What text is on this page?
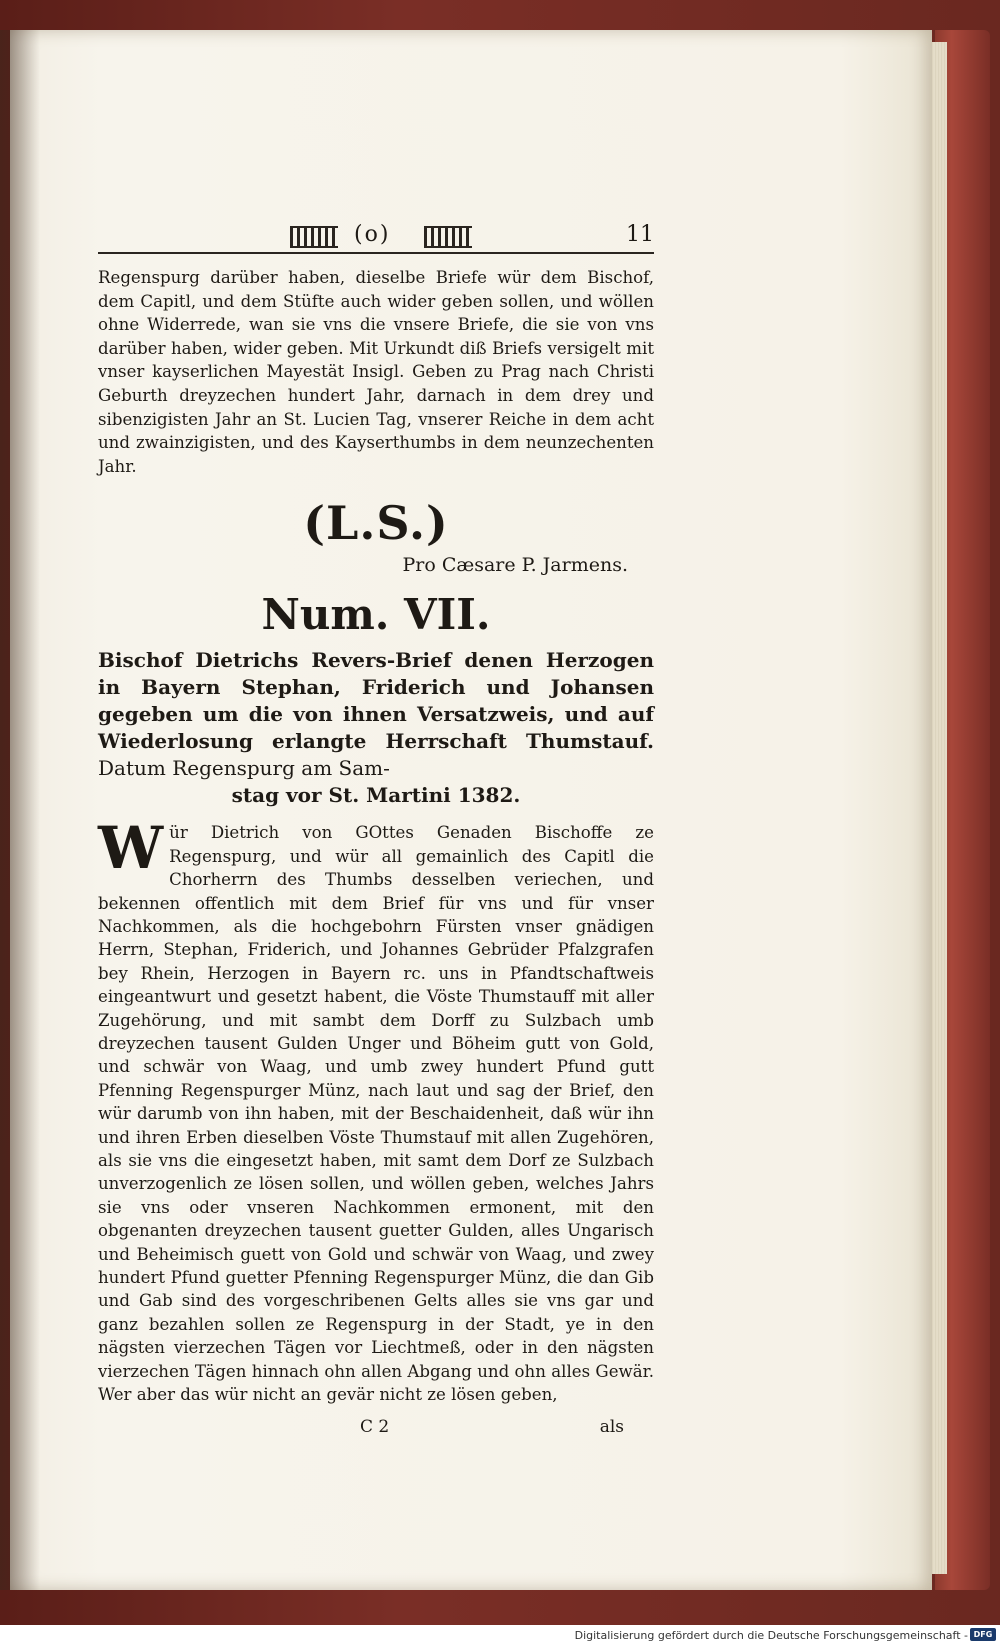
(o)	11

Regenspurg darüber haben, dieselbe Briefe wür dem Bischof, dem Capitl, und dem Stüfte auch wider geben sollen, und wöllen ohne Widerrede, wan sie vns die vnsere Briefe, die sie von vns darüber haben, wider geben. Mit Urkundt diß Briefs versigelt mit vnser kayserlichen Mayestät Insigl. Geben zu Prag nach Christi Geburth dreyzechen hundert Jahr, darnach in dem drey und sibenzigisten Jahr an St. Lucien Tag, vnserer Reiche in dem acht und zwainzigisten, und des Kayserthumbs in dem neunzechenten Jahr.

(L.S.)
Pro Cæsare P. Jarmens.
Num. VII.

Bischof Dietrichs Revers-Brief denen Herzogen in Bayern Stephan, Friderich und Johansen gegeben um die von ihnen Versatzweis, und auf Wiederlosung erlangte Herrschaft Thumstauf. Datum Regenspurg am Sam-

stag vor St. Martini 1382.

W ür Dietrich von GOttes Genaden Bischoffe ze Regenspurg, und wür all gemainlich des Capitl die Chorherrn des Thumbs desselben veriechen, und bekennen offentlich mit dem Brief für vns und für vnser Nachkommen, als die hochgebohrn Fürsten vnser gnädigen Herrn, Stephan, Friderich, und Johannes Gebrüder Pfalzgrafen bey Rhein, Herzogen in Bayern rc. uns in Pfandtschaftweis eingeantwurt und gesetzt habent, die Vöste Thumstauff mit aller Zugehörung, und mit sambt dem Dorff zu Sulzbach umb dreyzechen tausent Gulden Unger und Böheim gutt von Gold, und schwär von Waag, und umb zwey hundert Pfund gutt Pfenning Regenspurger Münz, nach laut und sag der Brief, den wür darumb von ihn haben, mit der Beschaidenheit, daß wür ihn und ihren Erben dieselben Vöste Thumstauf mit allen Zugehören, als sie vns die eingesetzt haben, mit samt dem Dorf ze Sulzbach unverzogenlich ze lösen sollen, und wöllen geben, welches Jahrs sie vns oder vnseren Nachkommen ermonent, mit den obgenanten dreyzechen tausent guetter Gulden, alles Ungarisch und Beheimisch guett von Gold und schwär von Waag, und zwey hundert Pfund guetter Pfenning Regenspurger Münz, die dan Gib und Gab sind des vorgeschribenen Gelts alles sie vns gar und ganz bezahlen sollen ze Regenspurg in der Stadt, ye in den nägsten vierzechen Tägen vor Liechtmeß, oder in den nägsten vierzechen Tägen hinnach ohn allen Abgang und ohn alles Gewär. Wer aber das wür nicht an gevär nicht ze lösen geben,

C 2	als
Digitalisierung gefördert durch die Deutsche Forschungsgemeinschaft - DFG
